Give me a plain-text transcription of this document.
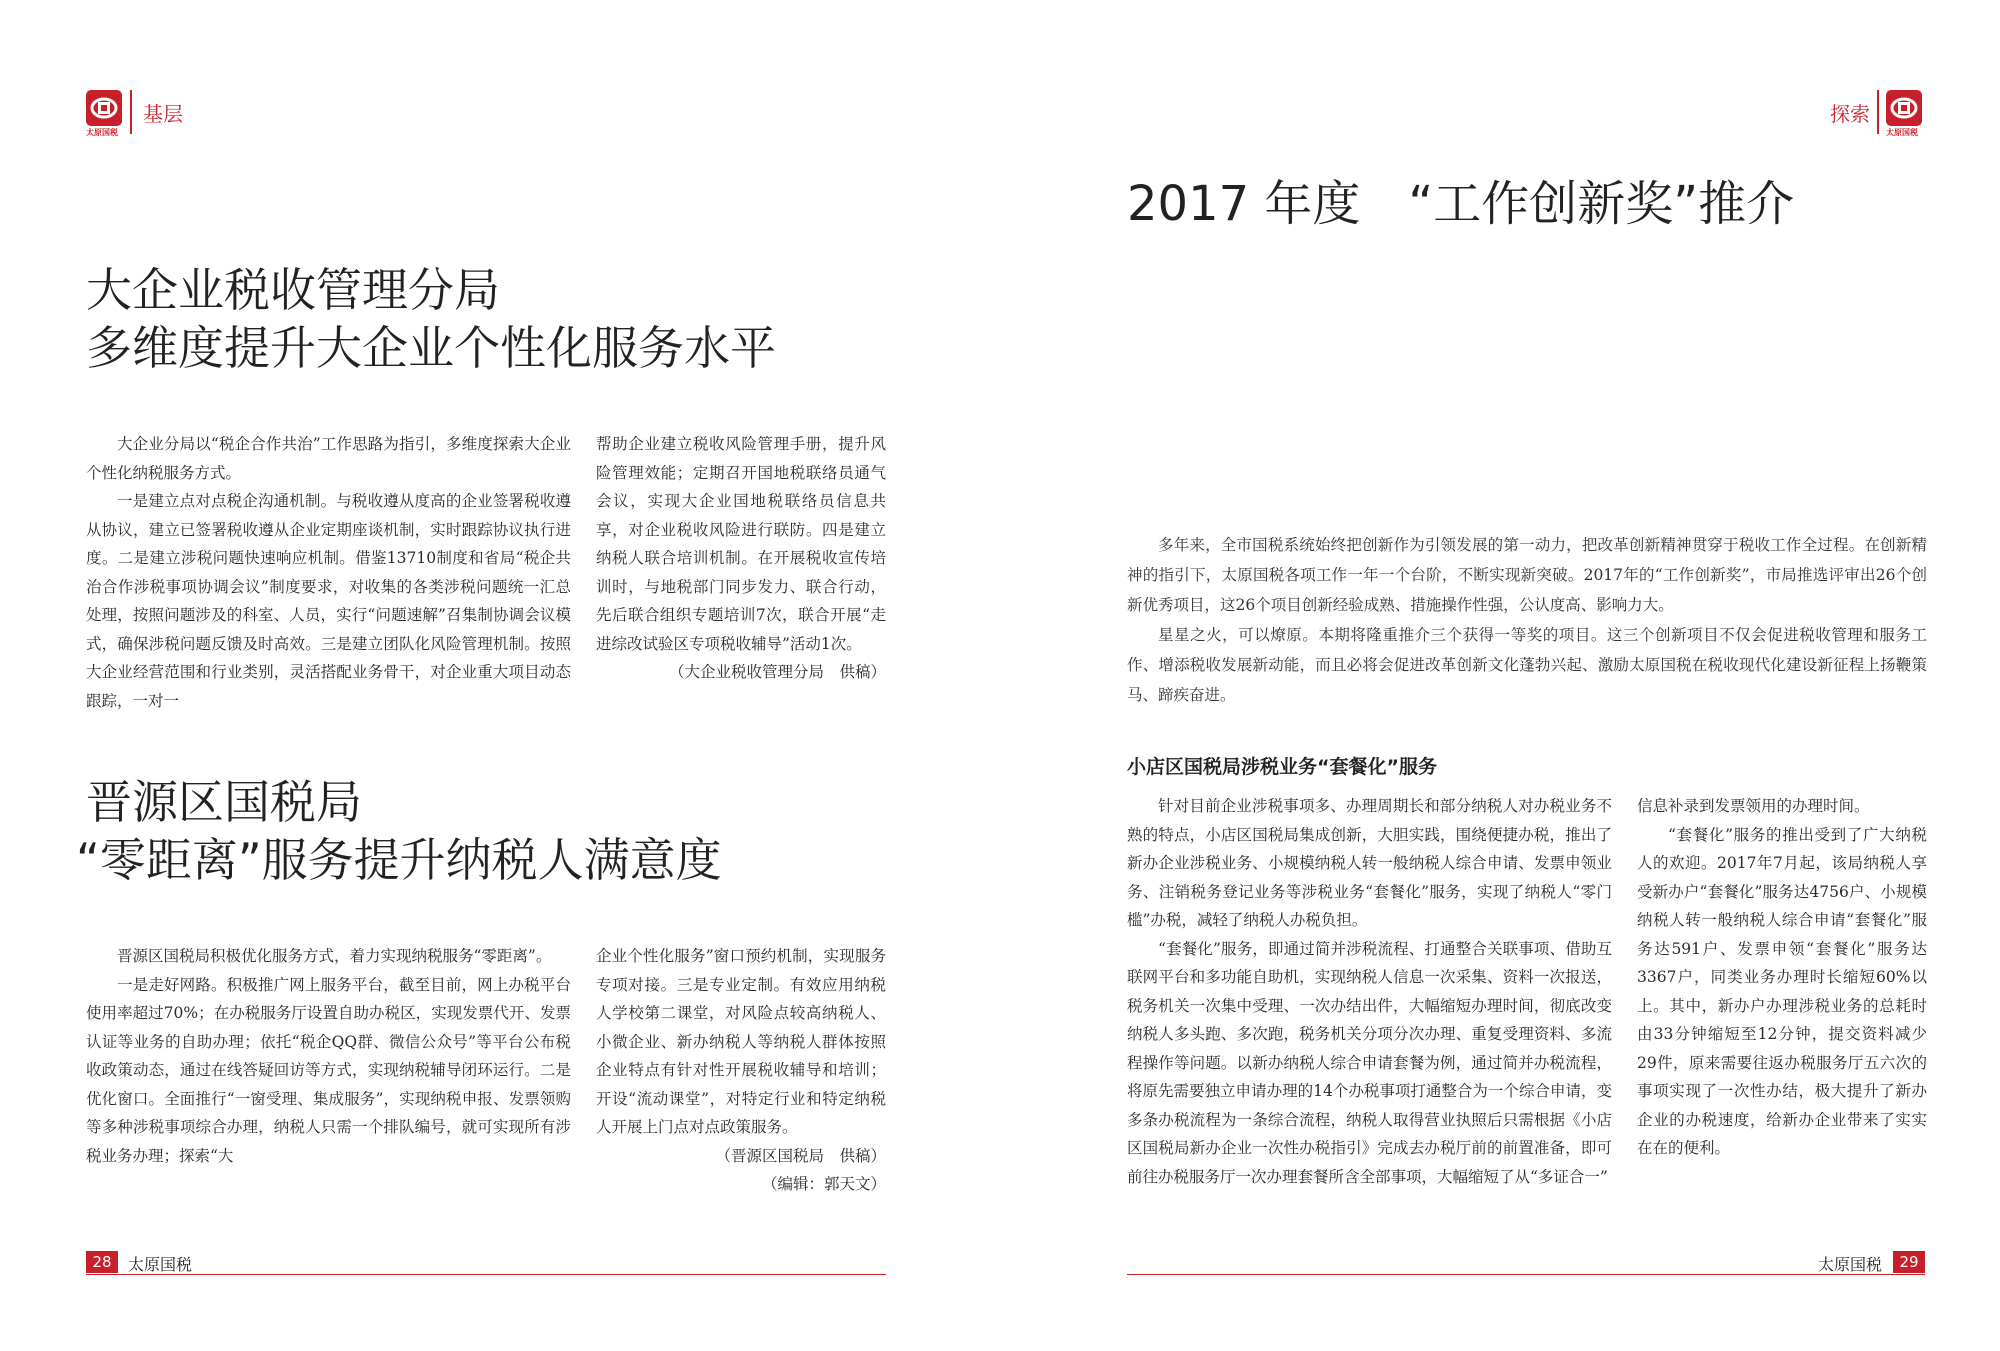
太原国税
基层	探索
太原国税
大企业税收管理分局
多维度提升大企业个性化服务水平

大企业分局以“税企合作共治”工作思路为指引，多维度探索大企业个性化纳税服务方式。

一是建立点对点税企沟通机制。与税收遵从度高的企业签署税收遵从协议，建立已签署税收遵从企业定期座谈机制，实时跟踪协议执行进度。二是建立涉税问题快速响应机制。借鉴13710制度和省局“税企共治合作涉税事项协调会议”制度要求，对收集的各类涉税问题统一汇总处理，按照问题涉及的科室、人员，实行“问题速解”召集制协调会议模式，确保涉税问题反馈及时高效。三是建立团队化风险管理机制。按照大企业经营范围和行业类别，灵活搭配业务骨干，对企业重大项目动态跟踪，一对一

帮助企业建立税收风险管理手册，提升风险管理效能；定期召开国地税联络员通气会议，实现大企业国地税联络员信息共享，对企业税收风险进行联防。四是建立纳税人联合培训机制。在开展税收宣传培训时，与地税部门同步发力、联合行动，先后联合组织专题培训7次，联合开展“走进综改试验区专项税收辅导”活动1次。

（大企业税收管理分局　供稿）

晋源区国税局
“零距离”服务提升纳税人满意度

晋源区国税局积极优化服务方式，着力实现纳税服务“零距离”。

一是走好网路。积极推广网上服务平台，截至目前，网上办税平台使用率超过70%；在办税服务厅设置自助办税区，实现发票代开、发票认证等业务的自助办理；依托“税企QQ群、微信公众号”等平台公布税收政策动态，通过在线答疑回访等方式，实现纳税辅导闭环运行。二是优化窗口。全面推行“一窗受理、集成服务”，实现纳税申报、发票领购等多种涉税事项综合办理，纳税人只需一个排队编号，就可实现所有涉税业务办理；探索“大

企业个性化服务”窗口预约机制，实现服务专项对接。三是专业定制。有效应用纳税人学校第二课堂，对风险点较高纳税人、小微企业、新办纳税人等纳税人群体按照企业特点有针对性开展税收辅导和培训；开设“流动课堂”，对特定行业和特定纳税人开展上门点对点政策服务。

（晋源区国税局　供稿）

（编辑：郭天文）

28	太原国税
2017 年度　“工作创新奖”推介

多年来，全市国税系统始终把创新作为引领发展的第一动力，把改革创新精神贯穿于税收工作全过程。在创新精神的指引下，太原国税各项工作一年一个台阶，不断实现新突破。2017年的“工作创新奖”，市局推选评审出26个创新优秀项目，这26个项目创新经验成熟、措施操作性强，公认度高、影响力大。

星星之火，可以燎原。本期将隆重推介三个获得一等奖的项目。这三个创新项目不仅会促进税收管理和服务工作、增添税收发展新动能，而且必将会促进改革创新文化蓬勃兴起、激励太原国税在税收现代化建设新征程上扬鞭策马、蹄疾奋进。

小店区国税局涉税业务“套餐化”服务

针对目前企业涉税事项多、办理周期长和部分纳税人对办税业务不熟的特点，小店区国税局集成创新，大胆实践，围绕便捷办税，推出了新办企业涉税业务、小规模纳税人转一般纳税人综合申请、发票申领业务、注销税务登记业务等涉税业务“套餐化”服务，实现了纳税人“零门槛”办税，减轻了纳税人办税负担。

“套餐化”服务，即通过简并涉税流程、打通整合关联事项、借助互联网平台和多功能自助机，实现纳税人信息一次采集、资料一次报送，税务机关一次集中受理、一次办结出件，大幅缩短办理时间，彻底改变纳税人多头跑、多次跑，税务机关分项分次办理、重复受理资料、多流程操作等问题。以新办纳税人综合申请套餐为例，通过简并办税流程，将原先需要独立申请办理的14个办税事项打通整合为一个综合申请，变多条办税流程为一条综合流程，纳税人取得营业执照后只需根据《小店区国税局新办企业一次性办税指引》完成去办税厅前的前置准备，即可前往办税服务厅一次办理套餐所含全部事项，大幅缩短了从“多证合一”

信息补录到发票领用的办理时间。

“套餐化”服务的推出受到了广大纳税人的欢迎。2017年7月起，该局纳税人享受新办户“套餐化”服务达4756户、小规模纳税人转一般纳税人综合申请“套餐化”服务达591户、发票申领“套餐化”服务达3367户，同类业务办理时长缩短60%以上。其中，新办户办理涉税业务的总耗时由33分钟缩短至12分钟，提交资料减少29件，原来需要往返办税服务厅五六次的事项实现了一次性办结，极大提升了新办企业的办税速度，给新办企业带来了实实在在的便利。

太原国税	29
